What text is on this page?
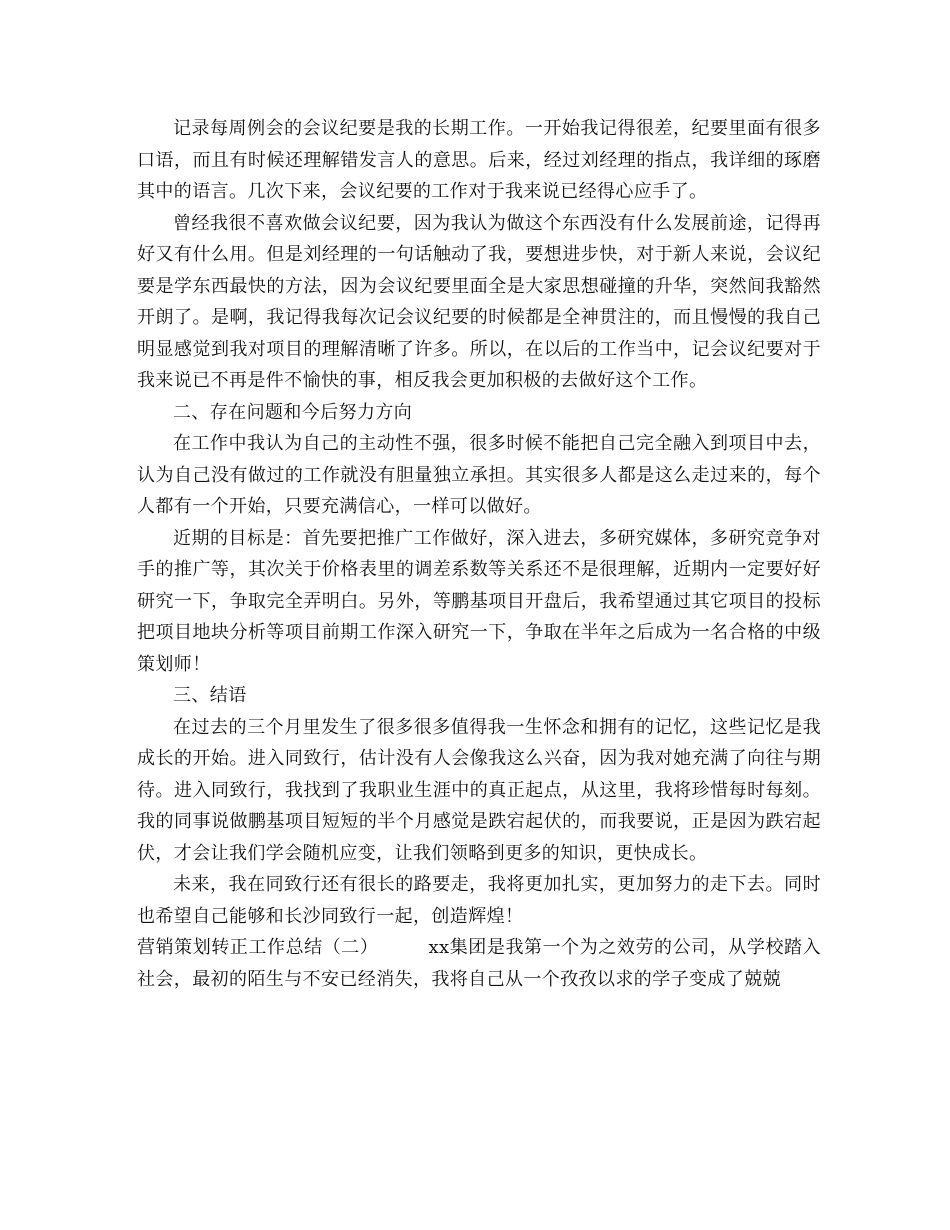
记录每周例会的会议纪要是我的长期工作。一开始我记得很差，纪要里面有很多口语，而且有时候还理解错发言人的意思。后来，经过刘经理的指点，我详细的琢磨其中的语言。几次下来，会议纪要的工作对于我来说已经得心应手了。

曾经我很不喜欢做会议纪要，因为我认为做这个东西没有什么发展前途，记得再好又有什么用。但是刘经理的一句话触动了我，要想进步快，对于新人来说，会议纪要是学东西最快的方法，因为会议纪要里面全是大家思想碰撞的升华，突然间我豁然开朗了。是啊，我记得我每次记会议纪要的时候都是全神贯注的，而且慢慢的我自己明显感觉到我对项目的理解清晰了许多。所以，在以后的工作当中，记会议纪要对于我来说已不再是件不愉快的事，相反我会更加积极的去做好这个工作。

二、存在问题和今后努力方向

在工作中我认为自己的主动性不强，很多时候不能把自己完全融入到项目中去，认为自己没有做过的工作就没有胆量独立承担。其实很多人都是这么走过来的，每个人都有一个开始，只要充满信心，一样可以做好。

近期的目标是：首先要把推广工作做好，深入进去，多研究媒体，多研究竞争对手的推广等，其次关于价格表里的调差系数等关系还不是很理解，近期内一定要好好研究一下，争取完全弄明白。另外，等鹏基项目开盘后，我希望通过其它项目的投标把项目地块分析等项目前期工作深入研究一下，争取在半年之后成为一名合格的中级策划师！

三、结语

在过去的三个月里发生了很多很多值得我一生怀念和拥有的记忆，这些记忆是我成长的开始。进入同致行，估计没有人会像我这么兴奋，因为我对她充满了向往与期待。进入同致行，我找到了我职业生涯中的真正起点，从这里，我将珍惜每时每刻。我的同事说做鹏基项目短短的半个月感觉是跌宕起伏的，而我要说，正是因为跌宕起伏，才会让我们学会随机应变，让我们领略到更多的知识，更快成长。

未来，我在同致行还有很长的路要走，我将更加扎实，更加努力的走下去。同时也希望自己能够和长沙同致行一起，创造辉煌！

营销策划转正工作总结（二）	xx集团是我第一个为之效劳的公司，从学校踏入社会，最初的陌生与不安已经消失，我将自己从一个孜孜以求的学子变成了兢兢
